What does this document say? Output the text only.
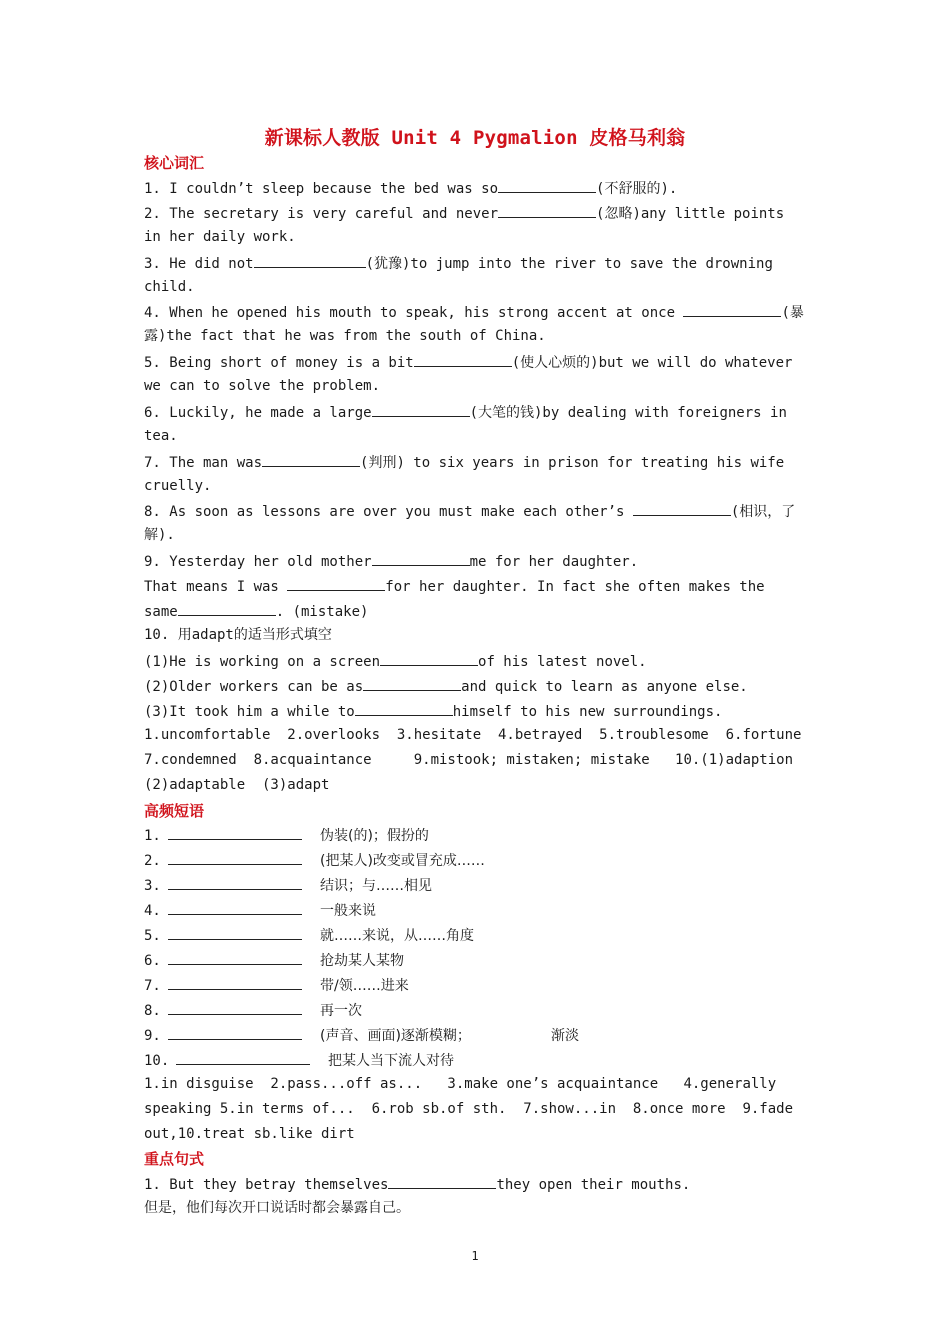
新课标人教版 Unit 4 Pygmalion 皮格马利翁
核心词汇
1. I couldn’t sleep because the bed was so	(不舒服的).
2. The secretary is very careful and never	(忽略)any little points
in her daily work.
3. He did not	(犹豫)to jump into the river to save the drowning
child.
4. When he opened his mouth to speak, his strong accent at once	(暴
露)the fact that he was from the south of China.
5. Being short of money is a bit	(使人心烦的)but we will do whatever
we can to solve the problem.
6. Luckily, he made a large	(大笔的钱)by dealing with foreigners in
tea.
7. The man was	(判刑) to six years in prison for treating his wife
cruelly.
8. As soon as lessons are over you must make each other’s	(相识，了
解).
9. Yesterday her old mother	me for her daughter.
That means I was	for her daughter. In fact she often makes the
same	. (mistake)
10. 用adapt的适当形式填空
(1)He is working on a screen	of his latest novel.
(2)Older workers can be as	and quick to learn as anyone else.
(3)It took him a while to	himself to his new surroundings.
1.uncomfortable  2.overlooks  3.hesitate  4.betrayed  5.troublesome  6.fortune
7.condemned  8.acquaintance     9.mistook; mistaken; mistake   10.(1)adaption
(2)adaptable  (3)adapt
高频短语
1.	伪装(的)；假扮的
2.	(把某人)改变或冒充成……
3.	结识；与……相见
4.	一般来说
5.	就……来说，从……角度
6.	抢劫某人某物
7.	带/领……进来
8.	再一次
9.	(声音、画面)逐渐模糊；                  渐淡
10.	把某人当下流人对待
1.in disguise  2.pass...off as...   3.make one’s acquaintance   4.generally
speaking 5.in terms of...  6.rob sb.of sth.  7.show...in  8.once more  9.fade
out,10.treat sb.like dirt
重点句式
1. But they betray themselves	they open their mouths.
但是，他们每次开口说话时都会暴露自己。
1
